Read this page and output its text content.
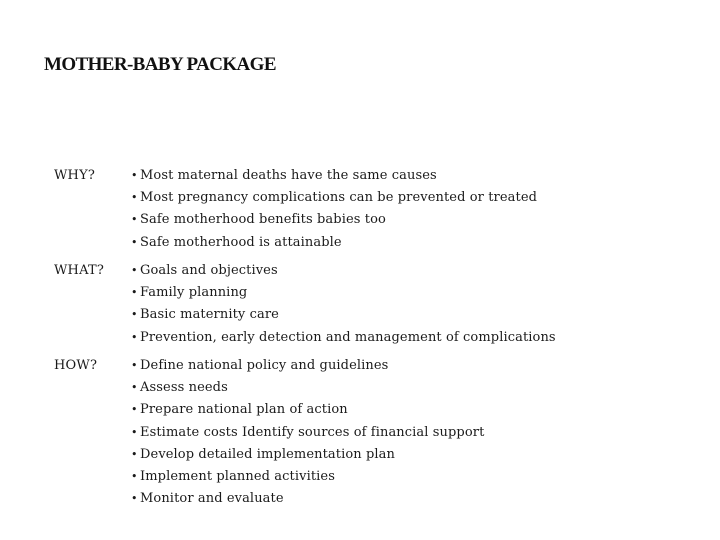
MOTHER-BABY PACKAGE
WHY?	• Most maternal deaths have the same causes
• Most pregnancy complications can be prevented or treated
• Safe motherhood benefits babies too
• Safe motherhood is attainable
WHAT? • Goals and objectives
• Family planning
• Basic maternity care
• Prevention, early detection and management of complications
HOW?	• Define national policy and guidelines
• Assess needs
• Prepare national plan of action
• Estimate costs Identify sources of financial support
• Develop detailed implementation plan
• Implement planned activities
• Monitor and evaluate
